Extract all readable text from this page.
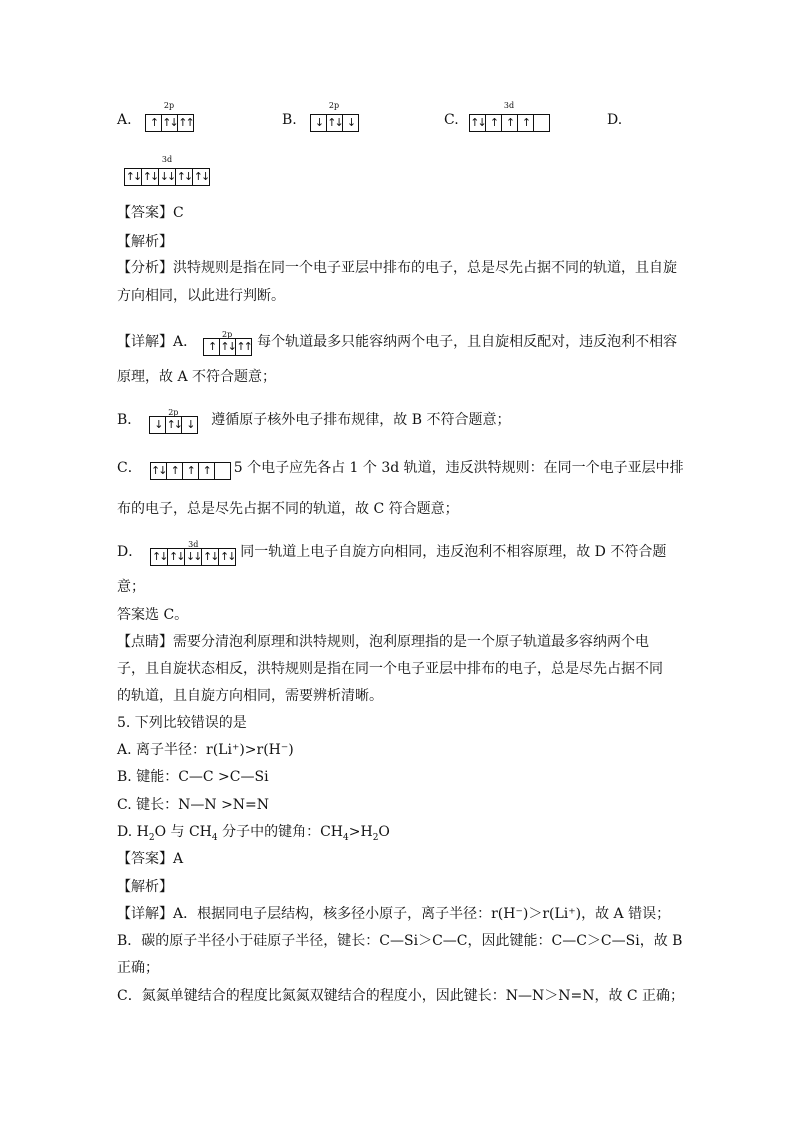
A.
2p
↑ ↑↓ ↑↑	B.
2p
↓ ↑↓ ↓	C.
3d
↑↓ ↑ ↑ ↑	D.
3d
↑↓ ↑↓ ↓↓ ↑↓ ↑↓
【答案】C
【解析】
【分析】洪特规则是指在同一个电子亚层中排布的电子，总是尽先占据不同的轨道，且自旋
方向相同，以此进行判断。
【详解】A．	2p
↑ ↑↓ ↑↑ 每个轨道最多只能容纳两个电子，且自旋相反配对，违反泡利不相容
原理，故 A 不符合题意；
B．	2p
↓ ↑↓ ↓ 遵循原子核外电子排布规律，故 B 不符合题意；
C． ↑↓ ↑ ↑ ↑	5 个电子应先各占 1 个 3d 轨道，违反洪特规则：在同一个电子亚层中排
布的电子，总是尽先占据不同的轨道，故 C 符合题意；
D．	3d
↑↓ ↑↓ ↓↓ ↑↓ ↑↓ 同一轨道上电子自旋方向相同，违反泡利不相容原理，故 D 不符合题
意；
答案选 C。
【点睛】需要分清泡利原理和洪特规则，泡利原理指的是一个原子轨道最多容纳两个电
子，且自旋状态相反，洪特规则是指在同一个电子亚层中排布的电子，总是尽先占据不同
的轨道，且自旋方向相同，需要辨析清晰。
5. 下列比较错误的是
A. 离子半径：r(Li⁺)>r(H⁻)
B. 键能：C—C >C—Si
C. 键长：N—N >N=N
D. $H_2O$ 与 $CH_4$ 分子中的键角：$CH_4>H_2O$
【答案】A
【解析】
【详解】A．根据同电子层结构，核多径小原子，离子半径：r(H⁻)＞r(Li⁺)，故 A 错误；
B．碳的原子半径小于硅原子半径，键长：C—Si＞C—C，因此键能：C—C＞C—Si，故 B
正确；
C．氮氮单键结合的程度比氮氮双键结合的程度小，因此键长：N—N＞N=N，故 C 正确；
